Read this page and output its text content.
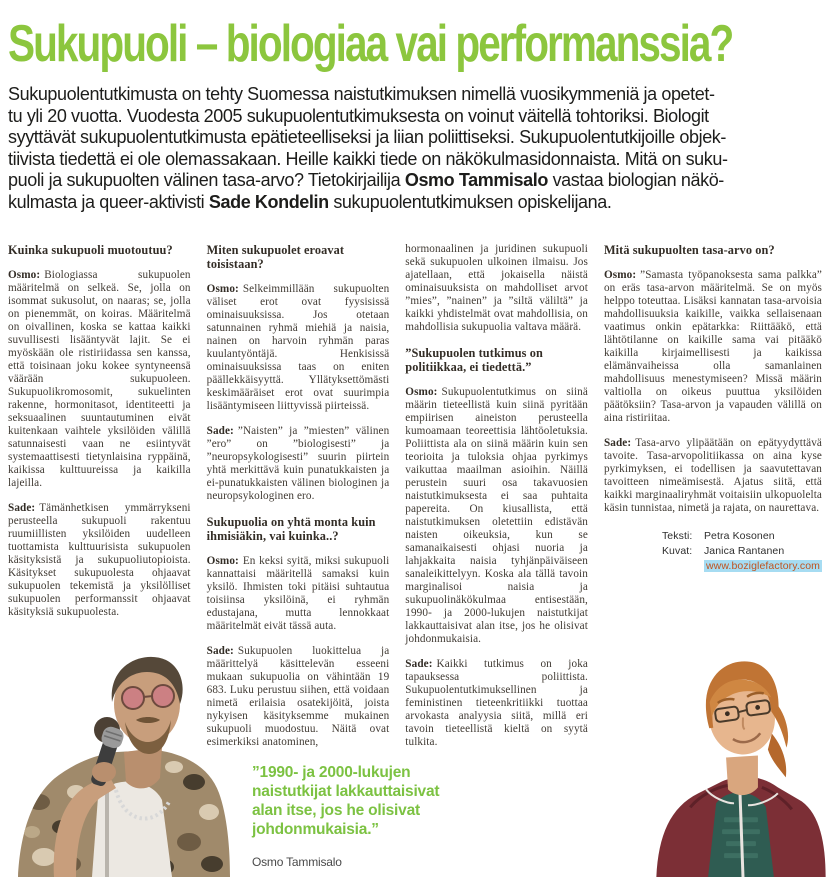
Sukupuoli – biologiaa vai performanssia?
Sukupuolentutkimusta on tehty Suomessa naistutkimuksen nimellä vuosikymmeniä ja opetet-
tu yli 20 vuotta. Vuodesta 2005 sukupuolentutkimuksesta on voinut väitellä tohtoriksi. Biologit
syyttävät sukupuolentutkimusta epätieteelliseksi ja liian poliittiseksi. Sukupuolentutkijoille objek-
tiivista tiedettä ei ole olemassakaan. Heille kaikki tiede on näkökulmasidonnaista. Mitä on suku-
puoli ja sukupuolten välinen tasa-arvo? Tietokirjailija Osmo Tammisalo vastaa biologian näkö-
kulmasta ja queer-aktivisti Sade Kondelin sukupuolentutkimuksen opiskelijana.
Kuinka sukupuoli muotoutuu?

Osmo: Biologiassa sukupuolen määritelmä on selkeä. Se, jolla on isommat sukusolut, on naaras; se, jolla on pienemmät, on koiras. Määritelmä on oivallinen, koska se kattaa kaikki suvullisesti lisääntyvät lajit. Se ei myöskään ole ristiriidassa sen kanssa, että toisinaan joku kokee syntyneensä väärään sukupuoleen. Sukupuolikromosomit, sukuelinten rakenne, hormonitasot, identiteetti ja seksuaalinen suuntautuminen eivät kuitenkaan vaihtele yksilöiden välillä satunnaisesti vaan ne esiintyvät systemaattisesti tietynlaisina ryppäinä, kaikissa kulttuureissa ja kaikilla lajeilla.

Sade: Tämänhetkisen ymmärrykseni perusteella sukupuoli rakentuu ruumiillisten yksilöiden uudelleen tuottamista kulttuurisista sukupuolen käsityksistä ja sukupuoliutopioista. Käsitykset sukupuolesta ohjaavat sukupuolen tekemistä ja yksilölliset sukupuolen performanssit ohjaavat käsityksiä sukupuolesta.

Miten sukupuolet eroavat toisistaan?

Osmo: Selkeimmillään sukupuolten väliset erot ovat fyysisissä ominaisuuksissa. Jos otetaan satunnainen ryhmä miehiä ja naisia, nainen on harvoin ryhmän paras kuulantyöntäjä. Henkisissä ominaisuuksissa taas on eniten päällekkäisyyttä. Yllätyksettömästi keskimääräiset erot ovat suurimpia lisääntymiseen liittyvissä piirteissä.

Sade: ”Naisten” ja ”miesten” välinen ”ero” on ”biologisesti” ja ”neuropsykologisesti” suurin piirtein yhtä merkittävä kuin punatukkaisten ja ei-punatukkaisten välinen biologinen ja neuropsykologinen ero.

Sukupuolia on yhtä monta kuin ihmisiäkin, vai kuinka..?

Osmo: En keksi syitä, miksi sukupuoli kannattaisi määritellä samaksi kuin yksilö. Ihmisten toki pitäisi suhtautua toisiinsa yksilöinä, ei ryhmän edustajana, mutta lennokkaat määritelmät eivät tässä auta.

Sade: Sukupuolen luokittelua ja määrittelyä käsittelevän esseeni mukaan sukupuolia on vähintään 19 683. Luku perustuu siihen, että voidaan nimetä erilaisia osatekijöitä, joista nykyisen käsityksemme mukainen sukupuoli muodostuu. Näitä ovat esimerkiksi anatominen,

hormonaalinen ja juridinen sukupuoli sekä sukupuolen ulkoinen ilmaisu. Jos ajatellaan, että jokaisella näistä ominaisuuksista on mahdolliset arvot ”mies”, ”nainen” ja ”siltä väliltä” ja kaikki yhdistelmät ovat mahdollisia, on mahdollisia sukupuolia valtava määrä.

”Sukupuolen tutkimus on politiikkaa, ei tiedettä.”

Osmo: Sukupuolentutkimus on siinä määrin tieteellistä kuin siinä pyritään empiirisen aineiston perusteella kumoamaan teoreettisia lähtöoletuksia. Poliittista ala on siinä määrin kuin sen teorioita ja tuloksia ohjaa pyrkimys vaikuttaa maailman asioihin. Näillä perustein suuri osa takavuosien naistutkimuksesta ei saa puhtaita papereita. On kiusallista, että naistutkimuksen oletettiin edistävän naisten oikeuksia, kun se samanaikaisesti ohjasi nuoria ja lahjakkaita naisia tyhjänpäiväiseen sanaleikittelyyn. Koska ala tällä tavoin marginalisoi naisia ja sukupuolinäkökulmaa entisestään, 1990- ja 2000-lukujen naistutkijat lakkauttaisivat alan itse, jos he olisivat johdonmukaisia.

Sade: Kaikki tutkimus on joka tapauksessa poliittista. Sukupuolentutkimuksellinen ja feministinen tieteenkritiikki tuottaa arvokasta analyysia siitä, millä eri tavoin tieteellistä kieltä on syytä tulkita.

Mitä sukupuolten tasa-arvo on?

Osmo: ”Samasta työpanoksesta sama palkka” on eräs tasa-arvon määritelmä. Se on myös helppo toteuttaa. Lisäksi kannatan tasa-arvoisia mahdollisuuksia kaikille, vaikka sellaisenaan vaatimus onkin epätarkka: Riittääkö, että lähtötilanne on kaikille sama vai pitääkö kaikilla kirjaimellisesti ja kaikissa elämänvaiheissa olla samanlainen mahdollisuus menestymiseen? Missä määrin valtiolla on oikeus puuttua yksilöiden päätöksiin? Tasa-arvon ja vapauden välillä on aina ristiriitaa.

Sade: Tasa-arvo ylipäätään on epätyydyttävä tavoite. Tasa-arvopolitiikassa on aina kyse pyrkimyksen, ei todellisen ja saavutettavan tavoitteen nimeämisestä. Ajatus siitä, että kaikki marginaaliryhmät voitaisiin ulkopuolelta käsin tunnistaa, nimetä ja rajata, on naurettava.

Teksti:	Petra Kosonen
Kuvat:	Janica Rantanen
www.boziglefactory.com
”1990- ja 2000-lukujen naistutkijat lakkauttaisivat alan itse, jos he olisivat johdonmukaisia.”
Osmo Tammisalo
